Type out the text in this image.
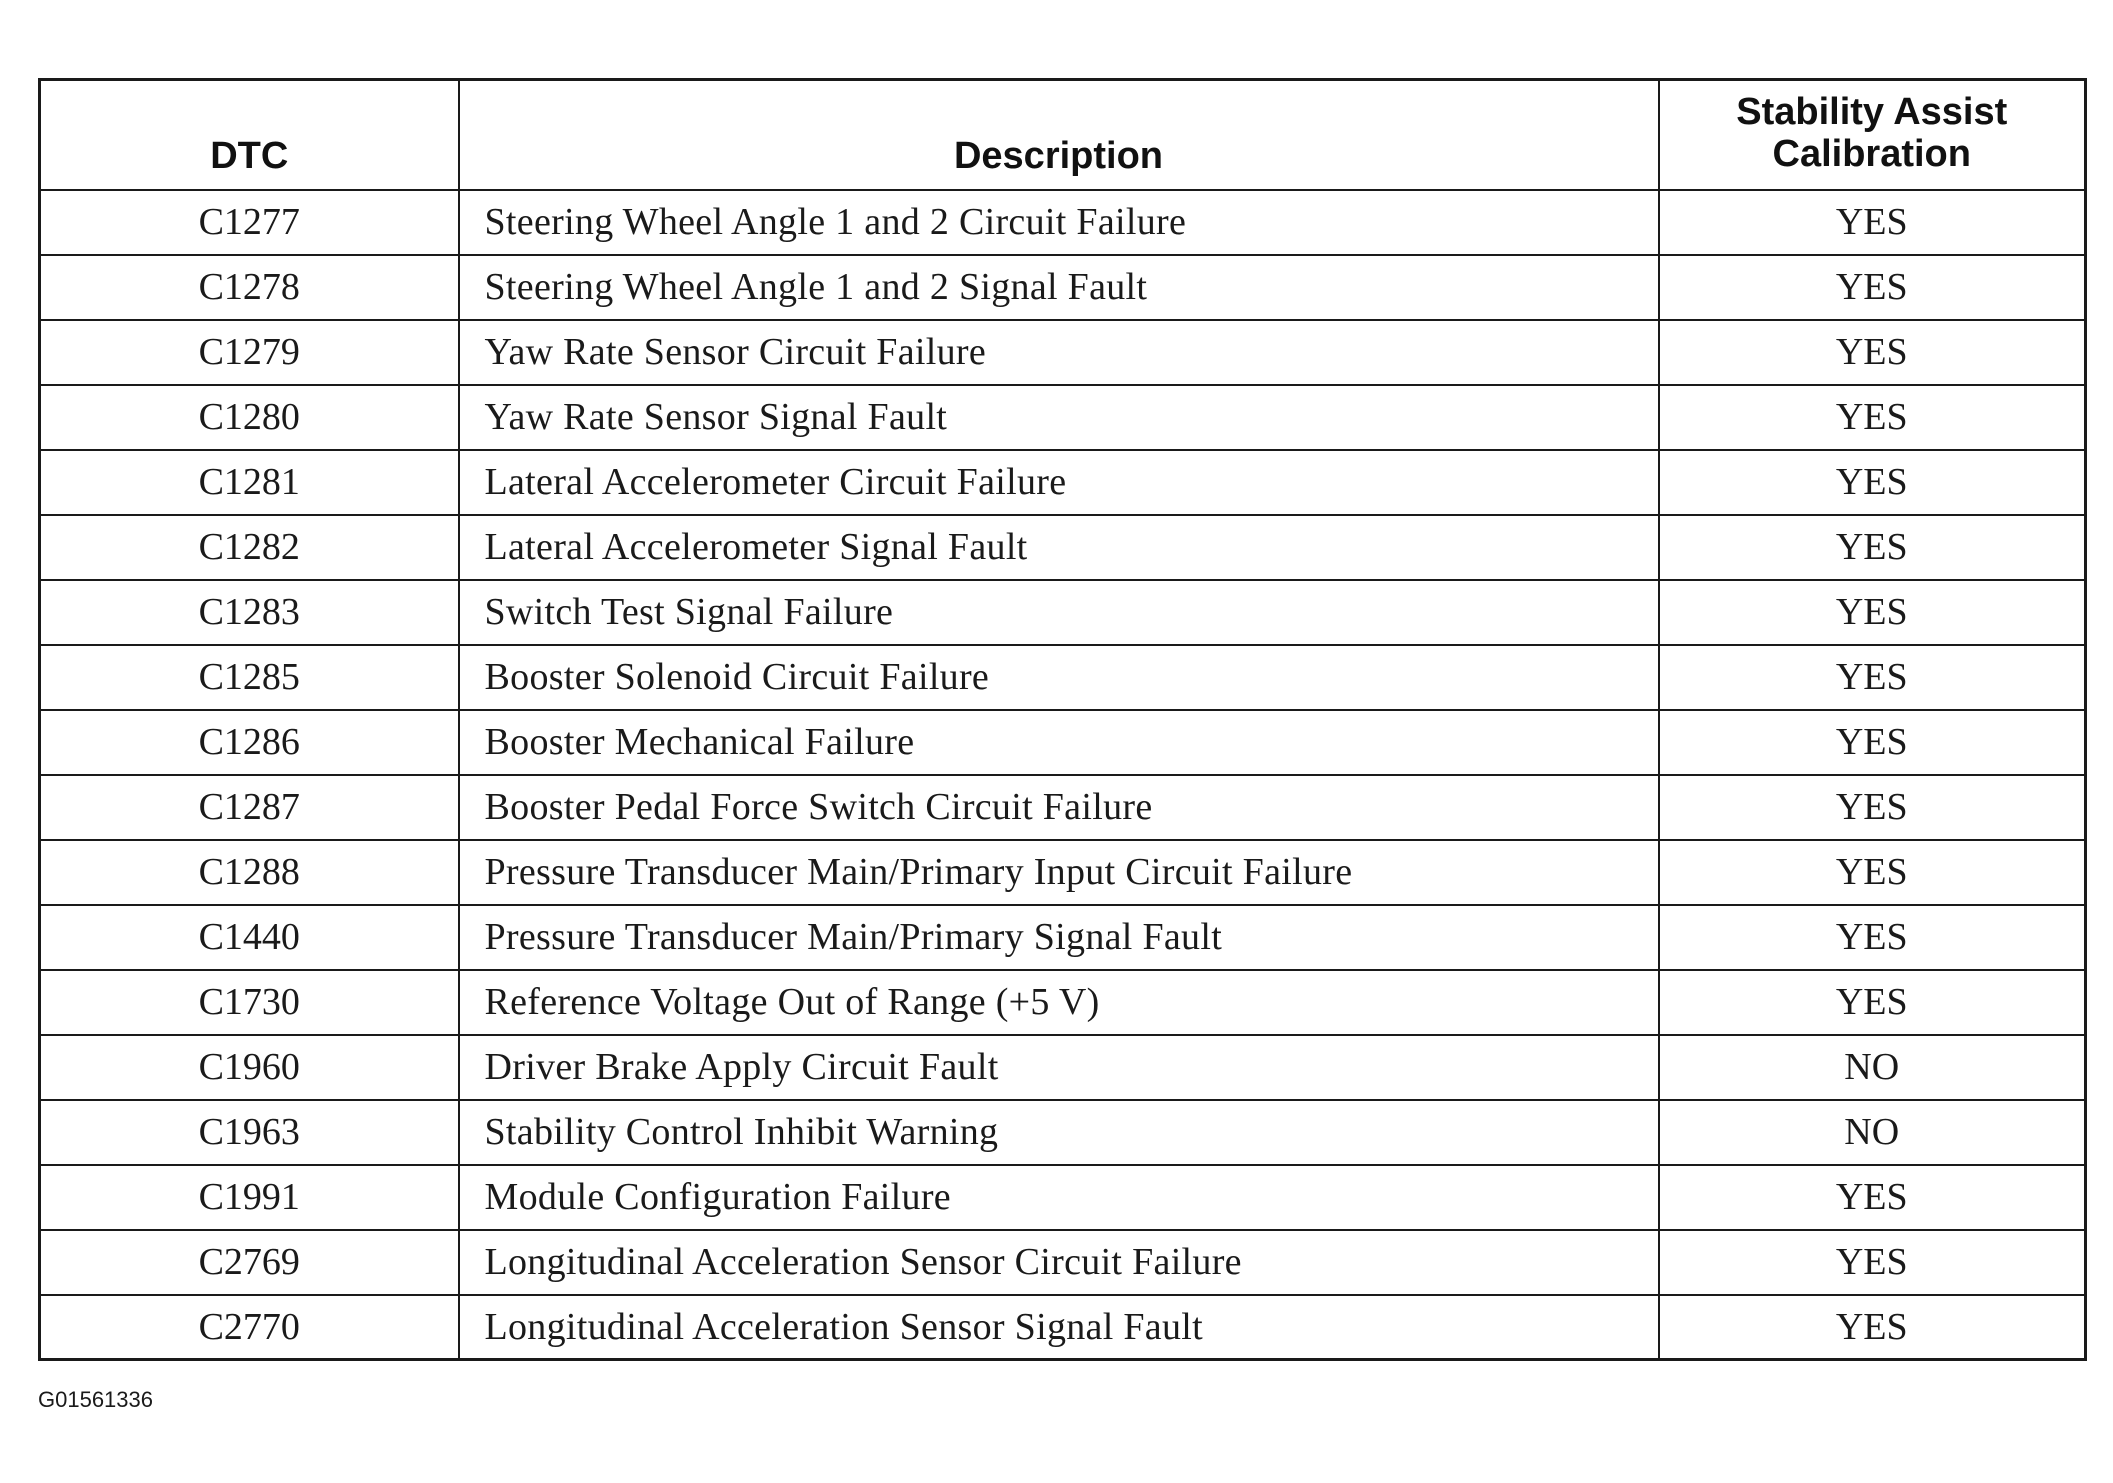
DTC	Description	Stability Assist
Calibration

C1277	Steering Wheel Angle 1 and 2 Circuit Failure	YES
C1278	Steering Wheel Angle 1 and 2 Signal Fault	YES
C1279	Yaw Rate Sensor Circuit Failure	YES
C1280	Yaw Rate Sensor Signal Fault	YES
C1281	Lateral Accelerometer Circuit Failure	YES
C1282	Lateral Accelerometer Signal Fault	YES
C1283	Switch Test Signal Failure	YES
C1285	Booster Solenoid Circuit Failure	YES
C1286	Booster Mechanical Failure	YES
C1287	Booster Pedal Force Switch Circuit Failure	YES
C1288	Pressure Transducer Main/Primary Input Circuit Failure	YES
C1440	Pressure Transducer Main/Primary Signal Fault	YES
C1730	Reference Voltage Out of Range (+5 V)	YES
C1960	Driver Brake Apply Circuit Fault	NO
C1963	Stability Control Inhibit Warning	NO
C1991	Module Configuration Failure	YES
C2769	Longitudinal Acceleration Sensor Circuit Failure	YES
C2770	Longitudinal Acceleration Sensor Signal Fault	YES
G01561336
